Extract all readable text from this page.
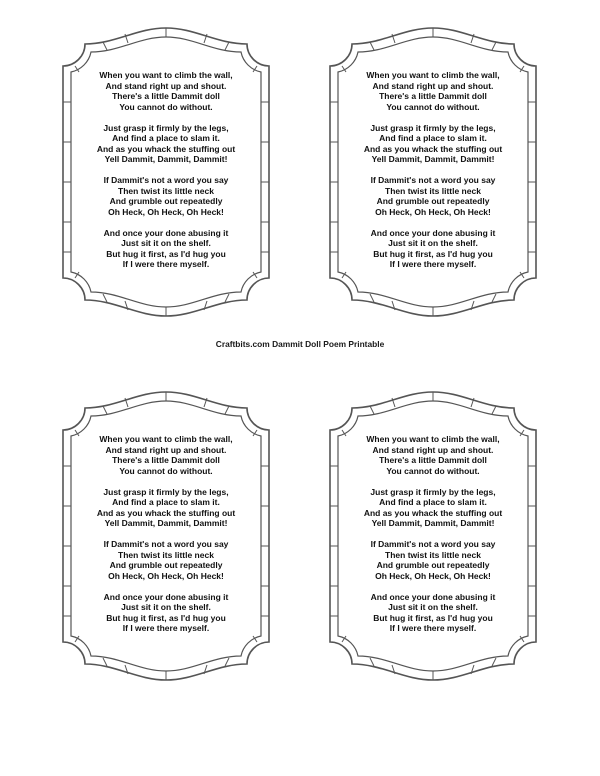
Craftbits.com Dammit Doll Poem Printable
When you want to climb the wall,
And stand right up and shout.
There's a little Dammit doll
You cannot do without.
Just grasp it firmly by the legs,
And find a place to slam it.
And as you whack the stuffing out
Yell Dammit, Dammit, Dammit!
If Dammit's not a word you say
Then twist its little neck
And grumble out repeatedly
Oh Heck, Oh Heck, Oh Heck!
And once your done abusing it
Just sit it on the shelf.
But hug it first, as I'd hug you
If I were there myself.
When you want to climb the wall,
And stand right up and shout.
There's a little Dammit doll
You cannot do without.
Just grasp it firmly by the legs,
And find a place to slam it.
And as you whack the stuffing out
Yell Dammit, Dammit, Dammit!
If Dammit's not a word you say
Then twist its little neck
And grumble out repeatedly
Oh Heck, Oh Heck, Oh Heck!
And once your done abusing it
Just sit it on the shelf.
But hug it first, as I'd hug you
If I were there myself.
When you want to climb the wall,
And stand right up and shout.
There's a little Dammit doll
You cannot do without.
Just grasp it firmly by the legs,
And find a place to slam it.
And as you whack the stuffing out
Yell Dammit, Dammit, Dammit!
If Dammit's not a word you say
Then twist its little neck
And grumble out repeatedly
Oh Heck, Oh Heck, Oh Heck!
And once your done abusing it
Just sit it on the shelf.
But hug it first, as I'd hug you
If I were there myself.
When you want to climb the wall,
And stand right up and shout.
There's a little Dammit doll
You cannot do without.
Just grasp it firmly by the legs,
And find a place to slam it.
And as you whack the stuffing out
Yell Dammit, Dammit, Dammit!
If Dammit's not a word you say
Then twist its little neck
And grumble out repeatedly
Oh Heck, Oh Heck, Oh Heck!
And once your done abusing it
Just sit it on the shelf.
But hug it first, as I'd hug you
If I were there myself.
